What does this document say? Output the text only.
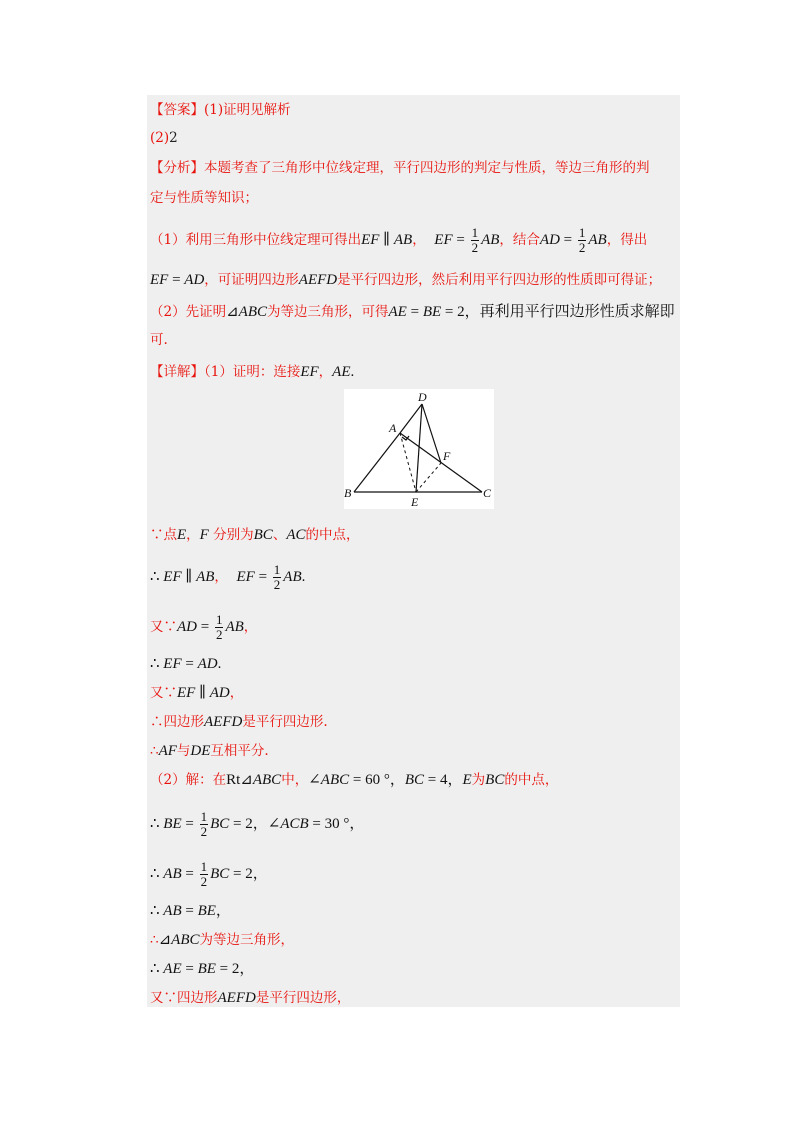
【答案】(1)证明见解析
(2)2
【分析】本题考查了三角形中位线定理，平行四边形的判定与性质，等边三角形的判
定与性质等知识；
（1）利用三角形中位线定理可得出EF ∥ AB， EF = $\frac{1}{2}$ AB，结合AD = $\frac{1}{2}$ AB，得出
EF = AD，可证明四边形AEFD是平行四边形，然后利用平行四边形的性质即可得证；
（2）先证明⊿ABC为等边三角形，可得AE = BE = 2，再利用平行四边形性质求解即
可.
【详解】（1）证明：连接EF，AE.
D
A
F
B
E
C
∵点E，F 分别为BC、AC的中点，
∴ EF ∥ AB， EF = $\frac{1}{2}$ AB.
又∵AD = $\frac{1}{2}$ AB，
∴ EF = AD.
又∵EF ∥ AD，
∴四边形AEFD是平行四边形.
∴AF与DE互相平分.
（2）解：在Rt⊿ABC中，∠ABC = 60 °，BC = 4，E为BC的中点，
∴ BE = $\frac{1}{2}$ BC = 2，∠ACB = 30 °，
∴ AB = $\frac{1}{2}$ BC = 2，
∴ AB = BE，
∴⊿ABC为等边三角形，
∴ AE = BE = 2，
又∵四边形AEFD是平行四边形，
